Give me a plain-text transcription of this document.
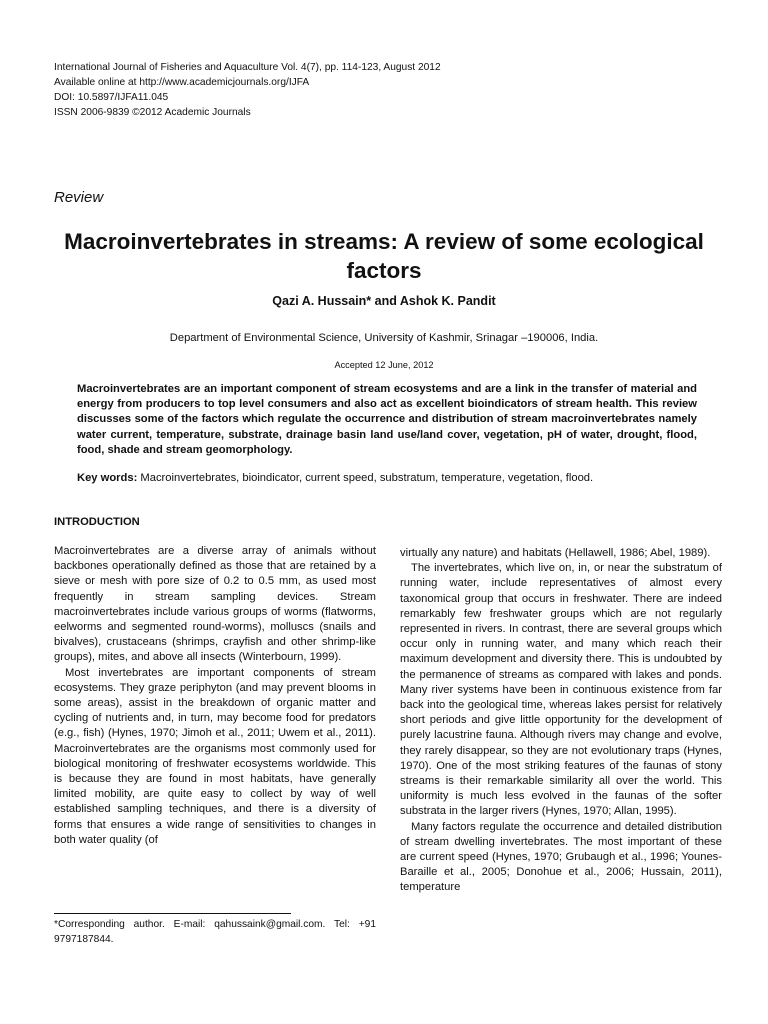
International Journal of Fisheries and Aquaculture Vol. 4(7), pp. 114-123, August 2012
Available online at http://www.academicjournals.org/IJFA
DOI: 10.5897/IJFA11.045
ISSN 2006-9839 ©2012 Academic Journals
Review
Macroinvertebrates in streams: A review of some ecological factors
Qazi A. Hussain* and Ashok K. Pandit
Department of Environmental Science, University of Kashmir, Srinagar –190006, India.
Accepted 12 June, 2012
Macroinvertebrates are an important component of stream ecosystems and are a link in the transfer of material and energy from producers to top level consumers and also act as excellent bioindicators of stream health. This review discusses some of the factors which regulate the occurrence and distribution of stream macroinvertebrates namely water current, temperature, substrate, drainage basin land use/land cover, vegetation, pH of water, drought, flood, food, shade and stream geomorphology.
Key words: Macroinvertebrates, bioindicator, current speed, substratum, temperature, vegetation, flood.
INTRODUCTION

Macroinvertebrates are a diverse array of animals without backbones operationally defined as those that are retained by a sieve or mesh with pore size of 0.2 to 0.5 mm, as used most frequently in stream sampling devices. Stream macroinvertebrates include various groups of worms (flatworms, eelworms and segmented round-worms), molluscs (snails and bivalves), crustaceans (shrimps, crayfish and other shrimp-like groups), mites, and above all insects (Winterbourn, 1999).

Most invertebrates are important components of stream ecosystems. They graze periphyton (and may prevent blooms in some areas), assist in the breakdown of organic matter and cycling of nutrients and, in turn, may become food for predators (e.g., fish) (Hynes, 1970; Jimoh et al., 2011; Uwem et al., 2011). Macroinvertebrates are the organisms most commonly used for biological monitoring of freshwater ecosystems worldwide. This is because they are found in most habitats, have generally limited mobility, are quite easy to collect by way of well established sampling techniques, and there is a diversity of forms that ensures a wide range of sensitivities to changes in both water quality (of

virtually any nature) and habitats (Hellawell, 1986; Abel, 1989).

The invertebrates, which live on, in, or near the substratum of running water, include representatives of almost every taxonomical group that occurs in freshwater. There are indeed remarkably few freshwater groups which are not regularly represented in rivers. In contrast, there are several groups which occur only in running water, and many which reach their maximum development and diversity there. This is undoubted by the permanence of streams as compared with lakes and ponds. Many river systems have been in continuous existence from far back into the geological time, whereas lakes persist for relatively short periods and give little opportunity for the development of purely lacustrine fauna. Although rivers may change and evolve, they rarely disappear, so they are not evolutionary traps (Hynes, 1970). One of the most striking features of the faunas of stony streams is their remarkable similarity all over the world. This uniformity is much less evolved in the faunas of the softer substrata in the larger rivers (Hynes, 1970; Allan, 1995).

Many factors regulate the occurrence and detailed distribution of stream dwelling invertebrates. The most important of these are current speed (Hynes, 1970; Grubaugh et al., 1996; Younes-Baraille et al., 2005; Donohue et al., 2006; Hussain, 2011), temperature

*Corresponding author. E-mail: qahussaink@gmail.com. Tel: +91 9797187844.
